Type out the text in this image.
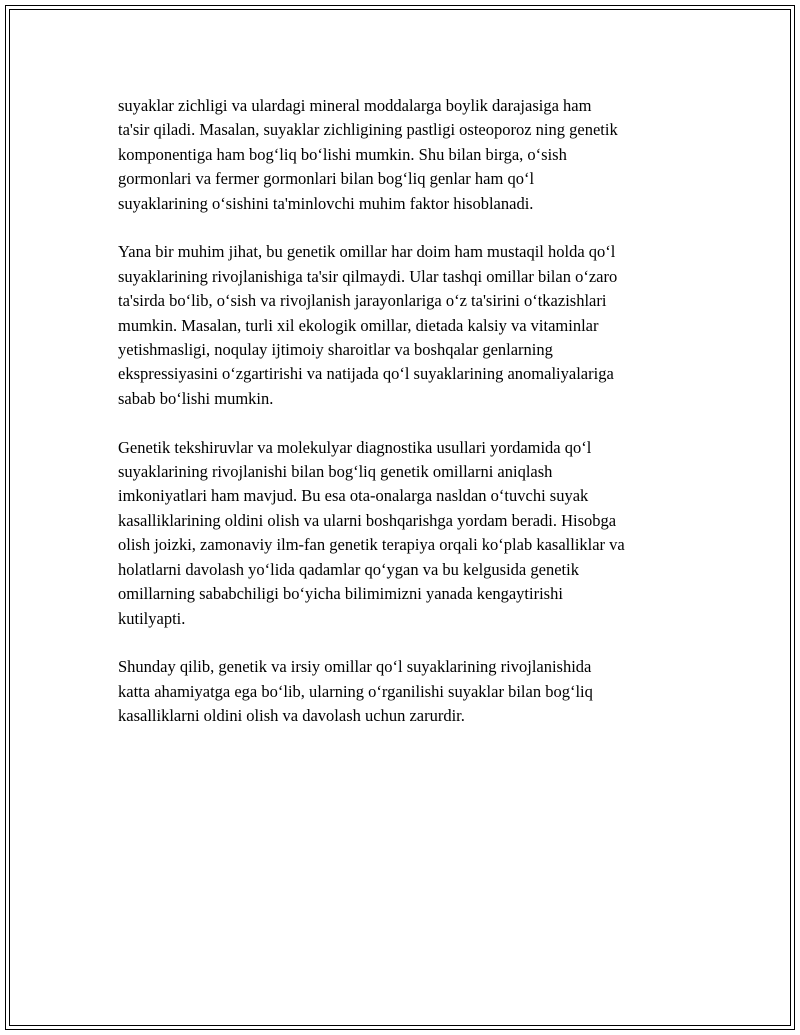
suyaklar zichligi va ulardagi mineral moddalarga boylik darajasiga ham
ta'sir qiladi. Masalan, suyaklar zichligining pastligi osteoporoz ning genetik
komponentiga ham bog‘liq bo‘lishi mumkin. Shu bilan birga, o‘sish
gormonlari va fermer gormonlari bilan bog‘liq genlar ham qo‘l
suyaklarining o‘sishini ta'minlovchi muhim faktor hisoblanadi.

Yana bir muhim jihat, bu genetik omillar har doim ham mustaqil holda qo‘l
suyaklarining rivojlanishiga ta'sir qilmaydi. Ular tashqi omillar bilan o‘zaro
ta'sirda bo‘lib, o‘sish va rivojlanish jarayonlariga o‘z ta'sirini o‘tkazishlari
mumkin. Masalan, turli xil ekologik omillar, dietada kalsiy va vitaminlar
yetishmasligi, noqulay ijtimoiy sharoitlar va boshqalar genlarning
ekspressiyasini o‘zgartirishi va natijada qo‘l suyaklarining anomaliyalariga
sabab bo‘lishi mumkin.

Genetik tekshiruvlar va molekulyar diagnostika usullari yordamida qo‘l
suyaklarining rivojlanishi bilan bog‘liq genetik omillarni aniqlash
imkoniyatlari ham mavjud. Bu esa ota-onalarga nasldan o‘tuvchi suyak
kasalliklarining oldini olish va ularni boshqarishga yordam beradi. Hisobga
olish joizki, zamonaviy ilm-fan genetik terapiya orqali ko‘plab kasalliklar va
holatlarni davolash yo‘lida qadamlar qo‘ygan va bu kelgusida genetik
omillarning sababchiligi bo‘yicha bilimimizni yanada kengaytirishi
kutilyapti.

Shunday qilib, genetik va irsiy omillar qo‘l suyaklarining rivojlanishida
katta ahamiyatga ega bo‘lib, ularning o‘rganilishi suyaklar bilan bog‘liq
kasalliklarni oldini olish va davolash uchun zarurdir.
